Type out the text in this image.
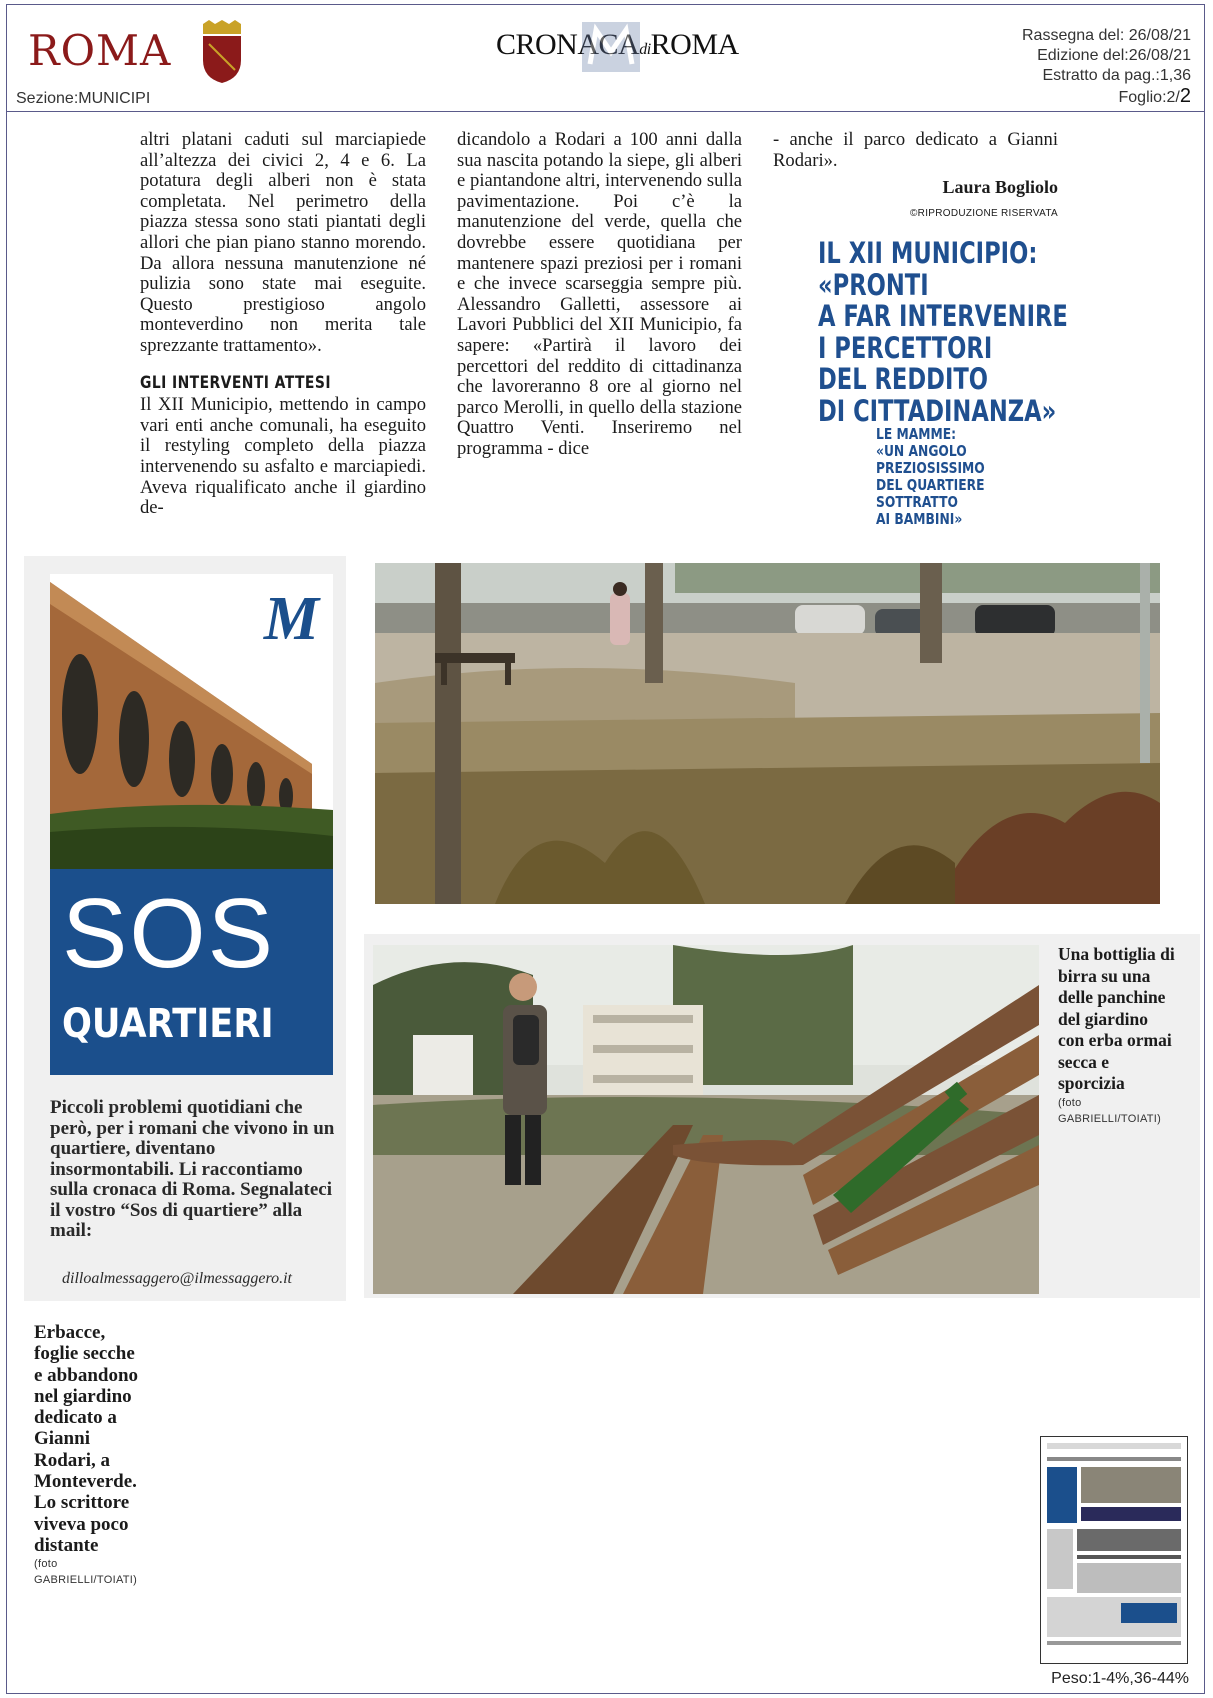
ROMA
Sezione:MUNICIPI
CRONACAdiROMA	Rassegna del: 26/08/21
Edizione del:26/08/21
Estratto da pag.:1,36
Foglio:2/2
altri platani caduti sul marciapiede all’altezza dei civici 2, 4 e 6. La potatura degli alberi non è stata completata. Nel perimetro della piazza stessa sono stati piantati degli allori che pian piano stanno morendo. Da allora nessuna manutenzione né pulizia sono state mai eseguite. Questo prestigioso angolo monteverdino non merita tale sprezzante trattamento».
GLI INTERVENTI ATTESI
Il XII Municipio, mettendo in campo vari enti anche comunali, ha eseguito il restyling completo della piazza intervenendo su asfalto e marciapiedi. Aveva riqualificato anche il giardino de-
dicandolo a Rodari a 100 anni dalla sua nascita potando la siepe, gli alberi e piantandone altri, intervenendo sulla pavimentazione. Poi c’è la manutenzione del verde, quella che dovrebbe essere quotidiana per mantenere spazi preziosi per i romani e che invece scarseggia sempre più. Alessandro Galletti, assessore ai Lavori Pubblici del XII Municipio, fa sapere: «Partirà il lavoro dei percettori del reddito di cittadinanza che lavoreranno 8 ore al giorno nel parco Merolli, in quello della stazione Quattro Venti. Inseriremo nel programma - dice
- anche il parco dedicato a Gianni Rodari».
Laura Bogliolo
©RIPRODUZIONE RISERVATA
IL XII MUNICIPIO:
«PRONTI
A FAR INTERVENIRE
I PERCETTORI
DEL REDDITO
DI CITTADINANZA»
LE MAMME:
«UN ANGOLO
PREZIOSISSIMO
DEL QUARTIERE
SOTTRATTO
AI BAMBINI»
M
SOS
QUARTIERI
Piccoli problemi quotidiani che però, per i romani che vivono in un quartiere, diventano insormontabili. Li raccontiamo sulla cronaca di Roma. Segnalateci il vostro “Sos di quartiere” alla mail:
dilloalmessaggero@ilmessaggero.it
Una bottiglia di birra su una delle panchine del giardino con erba ormai secca e sporcizia
(foto
GABRIELLI/TOIATI)
Erbacce, foglie secche e abbandono nel giardino dedicato a Gianni Rodari, a Monteverde. Lo scrittore viveva poco distante
(foto
GABRIELLI/TOIATI)
Peso:1-4%,36-44%
